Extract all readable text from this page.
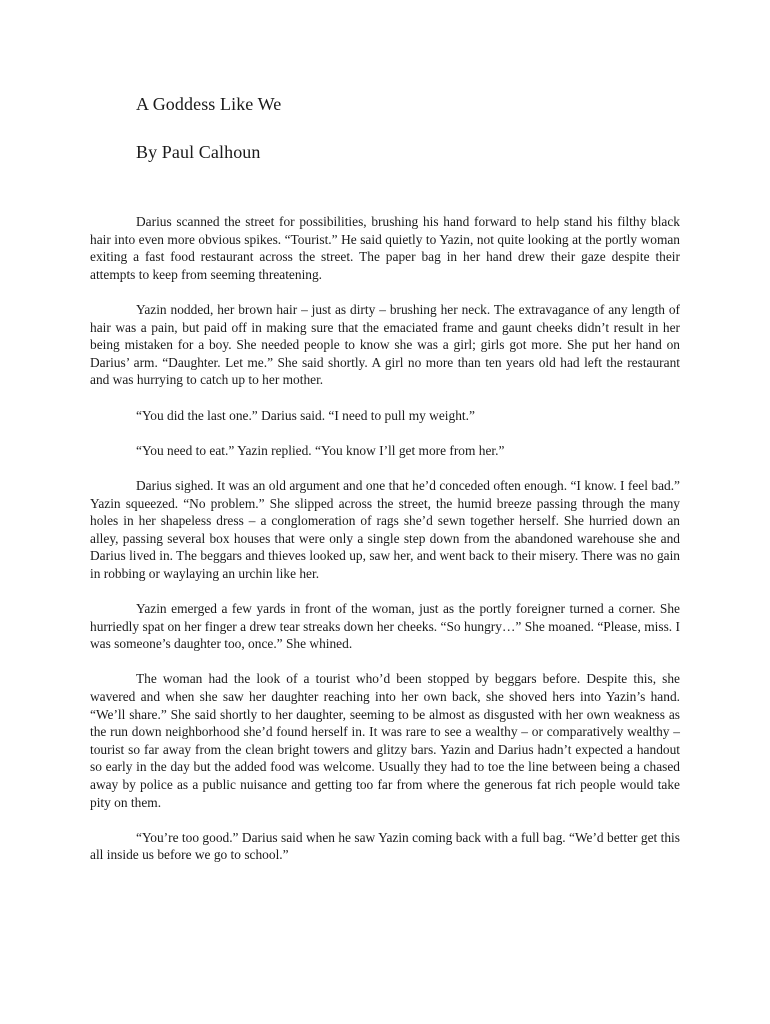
A Goddess Like We
By Paul Calhoun

Darius scanned the street for possibilities, brushing his hand forward to help stand his filthy black hair into even more obvious spikes. “Tourist.” He said quietly to Yazin, not quite looking at the portly woman exiting a fast food restaurant across the street. The paper bag in her hand drew their gaze despite their attempts to keep from seeming threatening.

Yazin nodded, her brown hair – just as dirty – brushing her neck. The extravagance of any length of hair was a pain, but paid off in making sure that the emaciated frame and gaunt cheeks didn’t result in her being mistaken for a boy. She needed people to know she was a girl; girls got more. She put her hand on Darius’ arm. “Daughter. Let me.” She said shortly. A girl no more than ten years old had left the restaurant and was hurrying to catch up to her mother.

“You did the last one.” Darius said. “I need to pull my weight.”

“You need to eat.” Yazin replied. “You know I’ll get more from her.”

Darius sighed. It was an old argument and one that he’d conceded often enough. “I know. I feel bad.” Yazin squeezed. “No problem.” She slipped across the street, the humid breeze passing through the many holes in her shapeless dress – a conglomeration of rags she’d sewn together herself. She hurried down an alley, passing several box houses that were only a single step down from the abandoned warehouse she and Darius lived in. The beggars and thieves looked up, saw her, and went back to their misery. There was no gain in robbing or waylaying an urchin like her.

Yazin emerged a few yards in front of the woman, just as the portly foreigner turned a corner. She hurriedly spat on her finger a drew tear streaks down her cheeks. “So hungry…” She moaned. “Please, miss. I was someone’s daughter too, once.” She whined.

The woman had the look of a tourist who’d been stopped by beggars before. Despite this, she wavered and when she saw her daughter reaching into her own back, she shoved hers into Yazin’s hand. “We’ll share.” She said shortly to her daughter, seeming to be almost as disgusted with her own weakness as the run down neighborhood she’d found herself in. It was rare to see a wealthy – or comparatively wealthy – tourist so far away from the clean bright towers and glitzy bars. Yazin and Darius hadn’t expected a handout so early in the day but the added food was welcome. Usually they had to toe the line between being a chased away by police as a public nuisance and getting too far from where the generous fat rich people would take pity on them.

“You’re too good.” Darius said when he saw Yazin coming back with a full bag. “We’d better get this all inside us before we go to school.”
